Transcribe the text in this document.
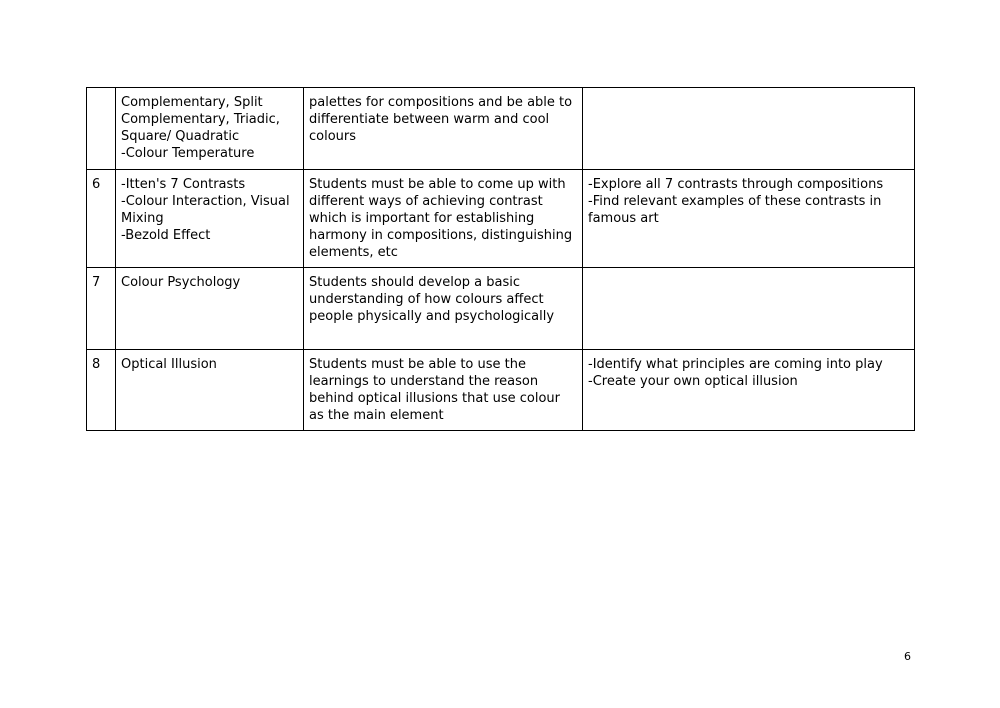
	Complementary, Split Complementary, Triadic, Square/ Quadratic
-Colour Temperature	palettes for compositions and be able to differentiate between warm and cool colours	
6	-Itten's 7 Contrasts
-Colour Interaction, Visual Mixing
-Bezold Effect	Students must be able to come up with different ways of achieving contrast which is important for establishing harmony in compositions, distinguishing elements, etc	-Explore all 7 contrasts through compositions
-Find relevant examples of these contrasts in famous art

7	Colour Psychology	Students should develop a basic understanding of how colours affect people physically and psychologically	
8	Optical Illusion	Students must be able to use the learnings to understand the reason behind optical illusions that use colour as the main element	-Identify what principles are coming into play
-Create your own optical illusion
6
